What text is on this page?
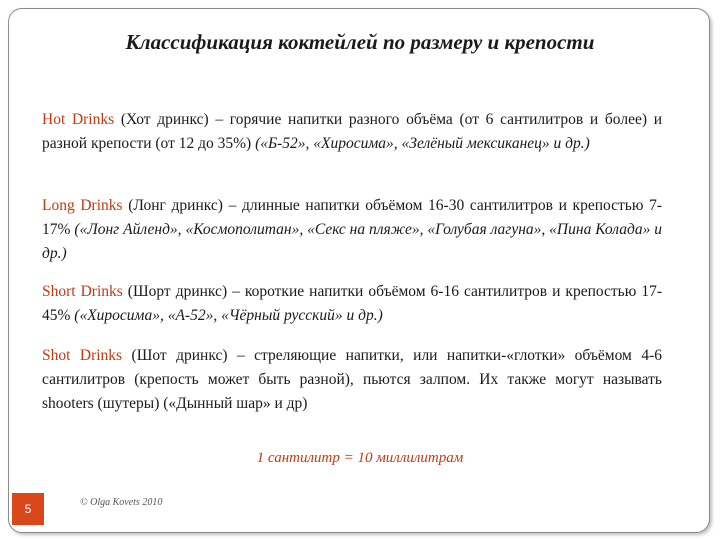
Классификация коктейлей по размеру и крепости
Hot Drinks (Хот дринкс) – горячие напитки разного объёма (от 6 сантилитров и более) и разной крепости (от 12 до 35%) («Б-52», «Хиросима», «Зелёный мексиканец» и др.)
Long Drinks (Лонг дринкс) – длинные напитки объёмом 16-30 сантилитров и крепостью 7-17% («Лонг Айленд», «Космополитан», «Секс на пляже», «Голубая лагуна», «Пина Колада» и др.)
Short Drinks (Шорт дринкс) – короткие напитки объёмом 6-16 сантилитров и крепостью 17-45% («Хиросима», «А-52», «Чёрный русский» и др.)
Shot Drinks (Шот дринкс) – стреляющие напитки, или напитки-«глотки» объёмом 4-6 сантилитров (крепость может быть разной), пьются залпом. Их также могут называть shooters (шутеры) («Дынный шар» и др)
1 сантилитр = 10 миллилитрам
5	© Olga Kovets 2010
